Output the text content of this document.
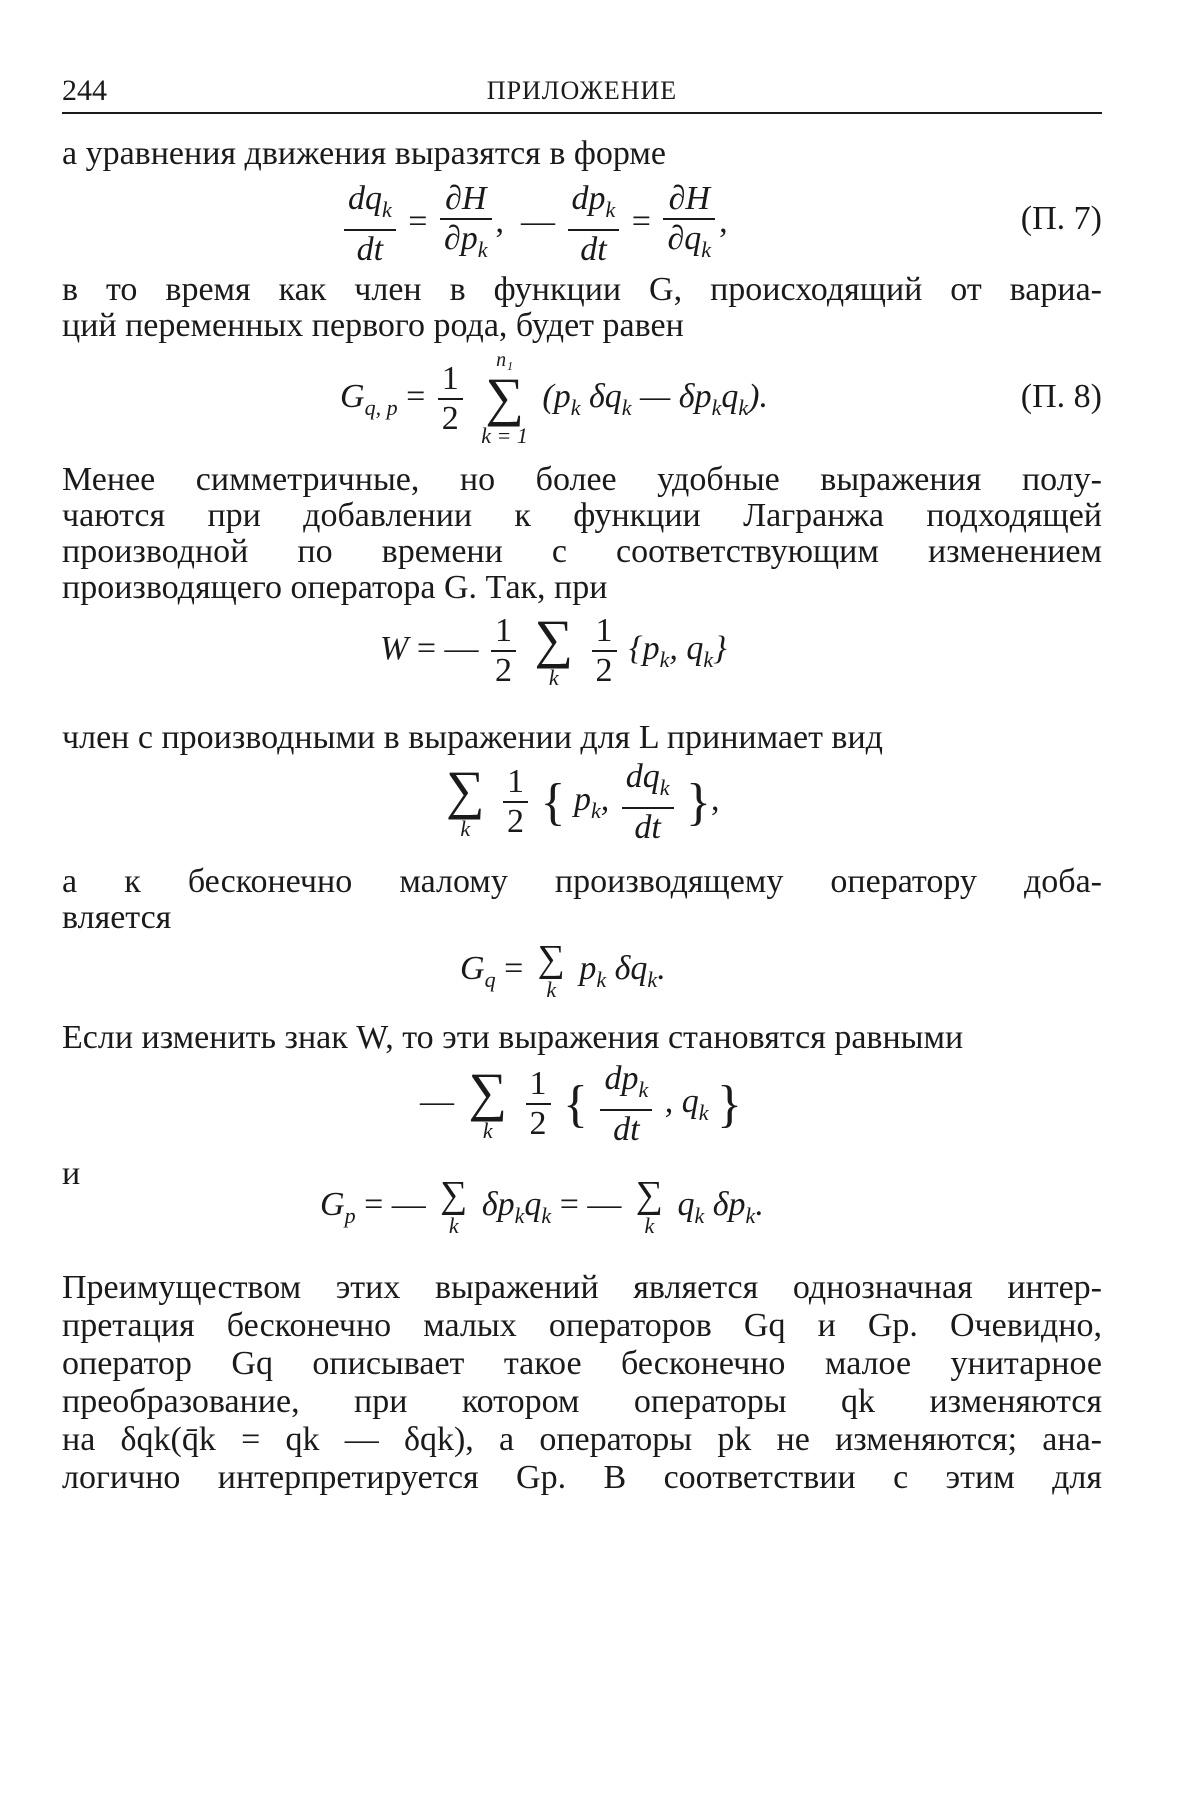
244	ПРИЛОЖЕНИЕ
а уравнения движения выразятся в форме
$\frac{dq_k}{dt} = \frac{\partial H}{\partial p_k}$ ,  — $\frac{dp_k}{dt} = \frac{\partial H}{\partial q_k}$ ,	(П. 7)
в то время как член в функции G, происходящий от вариа-
ций переменных первого рода, будет равен
$G_{q, p} = \frac{1}{2}$
	n₁
∑
k = 1
($p_k$ $\delta q_k$ — $\delta p_kq_k$).	(П. 8)
Менее симметричные, но более удобные выражения полу-
чаются при добавлении к функции Лагранжа подходящей
производной по времени с соответствующим изменением
производящего оператора G. Так, при
W = — $\frac{1}{2}$
∑
k
$\frac{1}{2} \{p_k$, $q_k$}
член с производными в выражении для L принимает вид
∑
k
$\frac{1}{2}$ { $p_k$, $\frac{dq_k}{dt}$ },
а к бесконечно малому производящему оператору доба-
вляется
$G_q$ = ∑
k
$p_k$ $\delta q_k$.
Если изменить знак W, то эти выражения становятся равными
— ∑
k
$\frac{1}{2}$ { $\frac{dp_k}{dt}$ , $q_k$ }
и
$G_p$ = — ∑
k
$\delta p_kq_k$ = — ∑
k
$q_k$ $\delta p_k$.
Преимуществом этих выражений является однозначная интер-
претация бесконечно малых операторов Gq и Gp. Очевидно,
оператор Gq описывает такое бесконечно малое унитарное
преобразование, при котором операторы qk изменяются
на δqk(q̄k = qk — δqk), а операторы pk не изменяются; ана-
логично интерпретируется Gp. В соответствии с этим для
